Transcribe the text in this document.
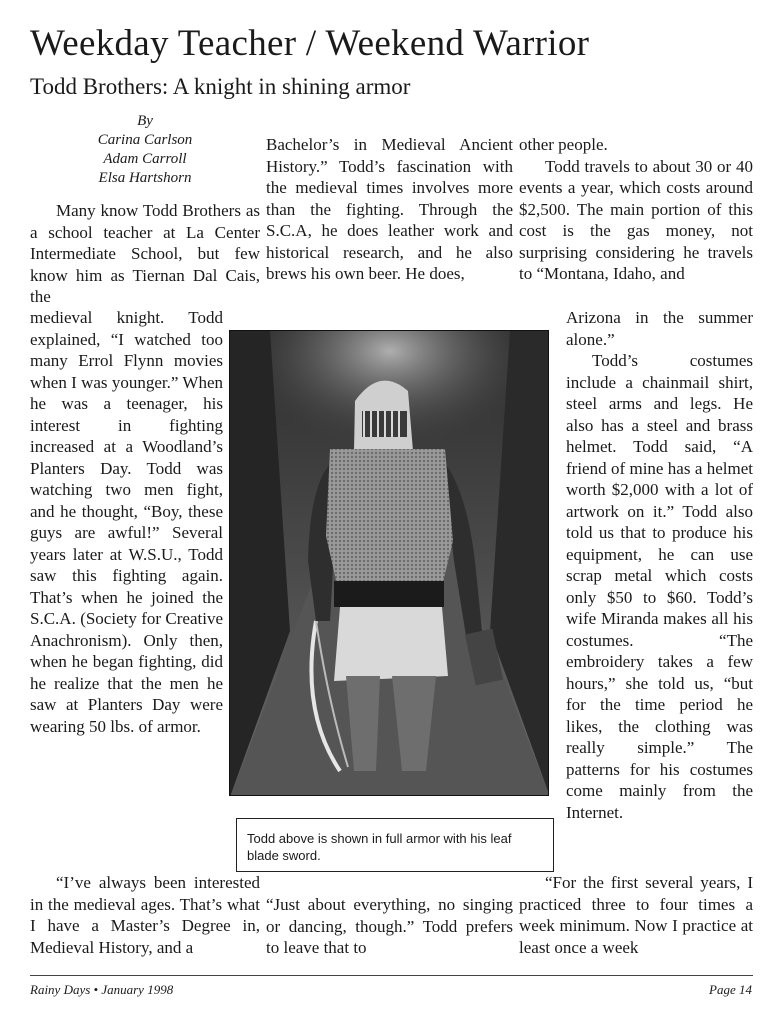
Weekday Teacher / Weekend Warrior
Todd Brothers: A knight in shining armor
By
Carina Carlson
Adam Carroll
Elsa Hartshorn

Many know Todd Brothers as a school teacher at La Center Intermediate School, but few know him as Tiernan Dal Cais, the

medieval knight. Todd explained, “I watched too many Errol Flynn movies when I was younger.” When he was a teenager, his interest in fighting increased at a Woodland’s Planters Day. Todd was watching two men fight, and he thought, “Boy, these guys are awful!” Several years later at W.S.U., Todd saw this fighting again. That’s when he joined the S.C.A. (Society for Creative Anachronism). Only then, when he began fighting, did he realize that the men he saw at Planters Day were wearing 50 lbs. of armor.

“I’ve always been interested in the medieval ages. That’s what I have a Master’s Degree in, Medieval History, and a

Bachelor’s in Medieval Ancient History.” Todd’s fascination with the medieval times involves more than the fighting. Through the S.C.A, he does leather work and historical research, and he also brews his own beer. He does,

“Just about everything, no singing or dancing, though.” Todd prefers to leave that to

other people.

Todd travels to about 30 or 40 events a year, which costs around $2,500. The main portion of this cost is the gas money, not surprising considering he travels to “Montana, Idaho, and

Arizona in the summer alone.”

Todd’s costumes include a chainmail shirt, steel arms and legs. He also has a steel and brass helmet. Todd said, “A friend of mine has a helmet worth $2,000 with a lot of artwork on it.” Todd also told us that to produce his equipment, he can use scrap metal which costs only $50 to $60. Todd’s wife Miranda makes all his costumes. “The embroidery takes a few hours,” she told us, “but for the time period he likes, the clothing was really simple.” The patterns for his costumes come mainly from the Internet.

“For the first several years, I practiced three to four times a week minimum. Now I practice at least once a week

Todd above is shown in full armor with his leaf blade sword.
Rainy Days • January 1998	Page 14
